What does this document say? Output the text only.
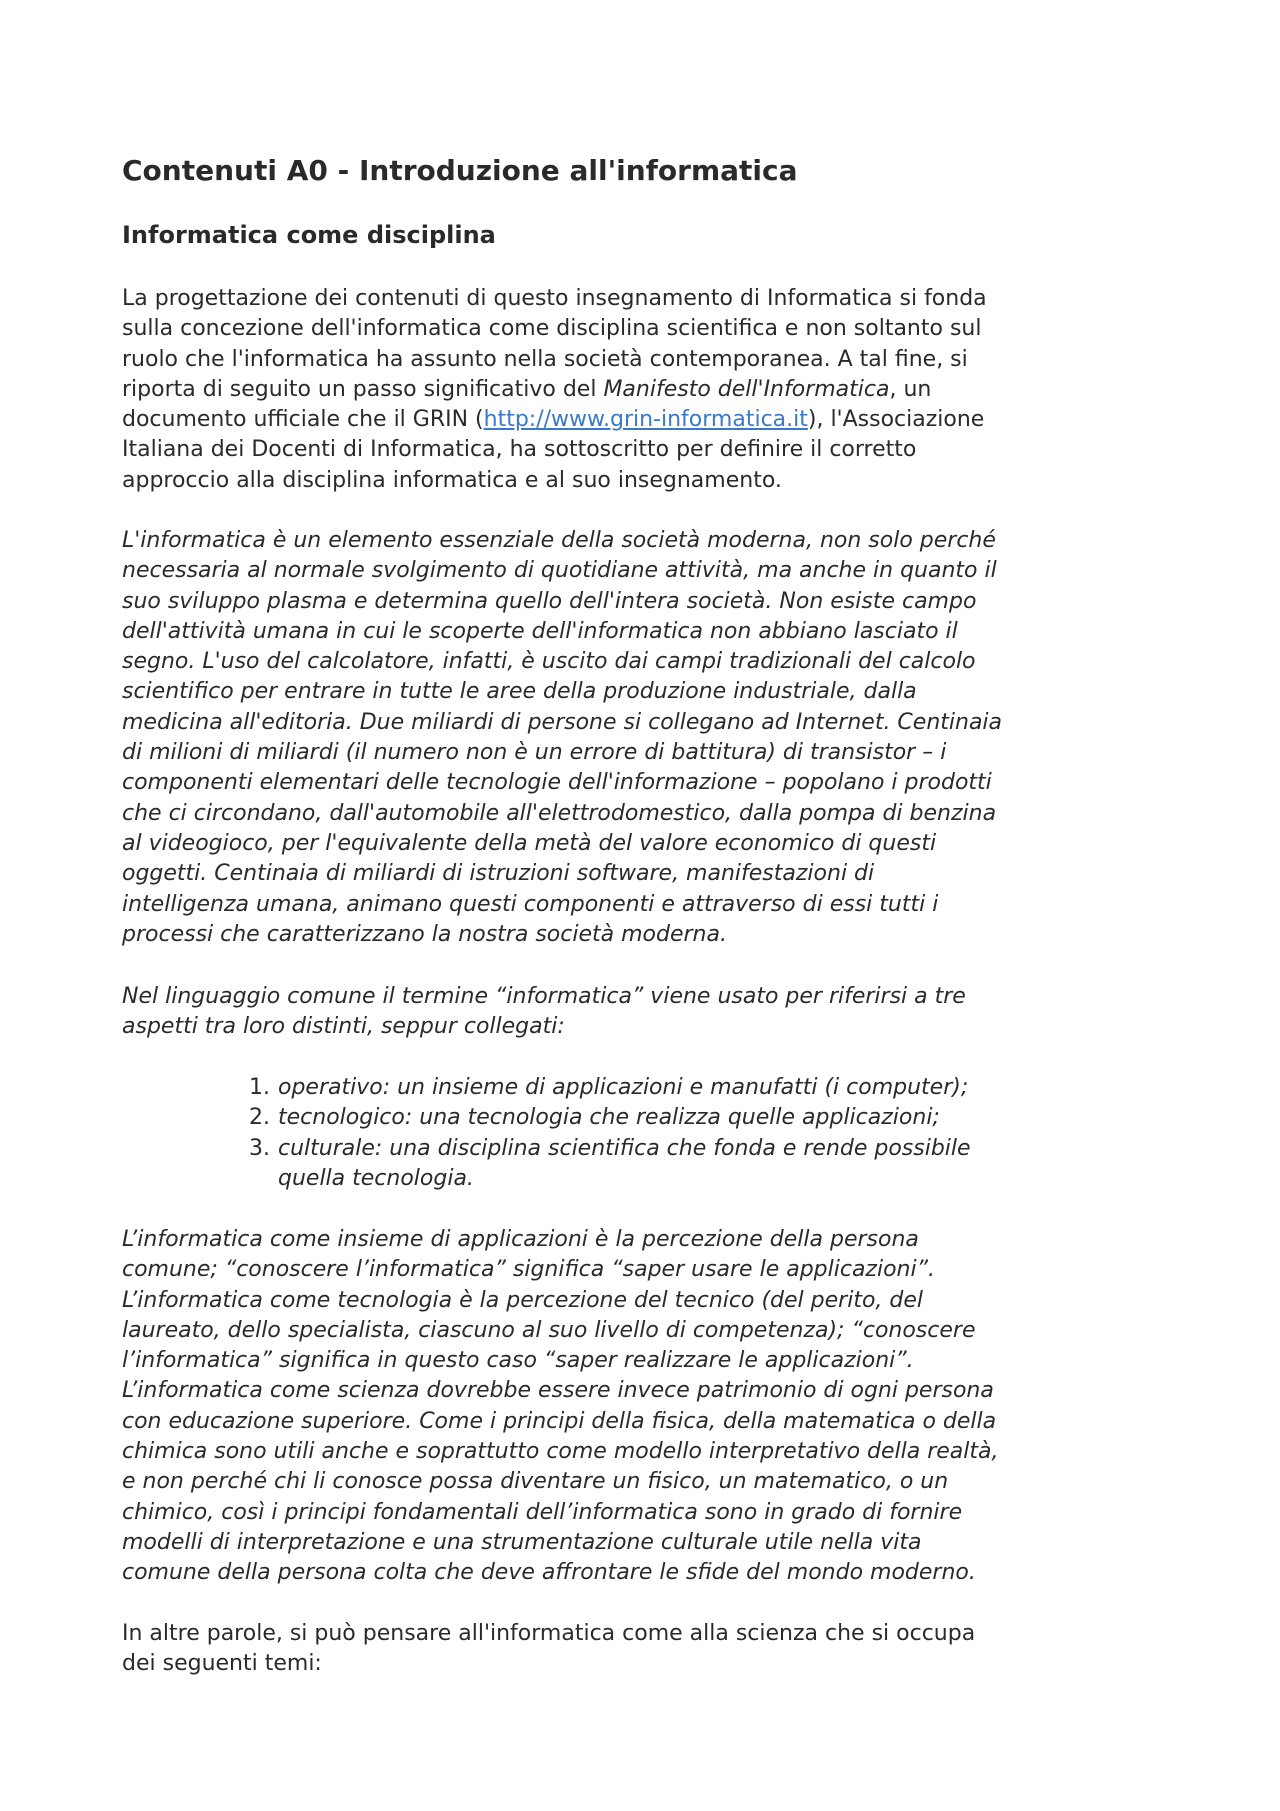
Contenuti A0 - Introduzione all'informatica
Informatica come disciplina
La progettazione dei contenuti di questo insegnamento di Informatica si fonda
sulla concezione dell'informatica come disciplina scientifica e non soltanto sul
ruolo che l'informatica ha assunto nella società contemporanea. A tal fine, si
riporta di seguito un passo significativo del Manifesto dell'Informatica, un
documento ufficiale che il GRIN (http://www.grin-informatica.it), l'Associazione
Italiana dei Docenti di Informatica, ha sottoscritto per definire il corretto
approccio alla disciplina informatica e al suo insegnamento.
L'informatica è un elemento essenziale della società moderna, non solo perché
necessaria al normale svolgimento di quotidiane attività, ma anche in quanto il
suo sviluppo plasma e determina quello dell'intera società. Non esiste campo
dell'attività umana in cui le scoperte dell'informatica non abbiano lasciato il
segno. L'uso del calcolatore, infatti, è uscito dai campi tradizionali del calcolo
scientifico per entrare in tutte le aree della produzione industriale, dalla
medicina all'editoria. Due miliardi di persone si collegano ad Internet. Centinaia
di milioni di miliardi (il numero non è un errore di battitura) di transistor – i
componenti elementari delle tecnologie dell'informazione – popolano i prodotti
che ci circondano, dall'automobile all'elettrodomestico, dalla pompa di benzina
al videogioco, per l'equivalente della metà del valore economico di questi
oggetti. Centinaia di miliardi di istruzioni software, manifestazioni di
intelligenza umana, animano questi componenti e attraverso di essi tutti i
processi che caratterizzano la nostra società moderna.
Nel linguaggio comune il termine “informatica” viene usato per riferirsi a tre
aspetti tra loro distinti, seppur collegati:
1. operativo: un insieme di applicazioni e manufatti (i computer);
2. tecnologico: una tecnologia che realizza quelle applicazioni;
3. culturale: una disciplina scientifica che fonda e rende possibile
quella tecnologia.
L’informatica come insieme di applicazioni è la percezione della persona
comune; “conoscere l’informatica” significa “saper usare le applicazioni”.
L’informatica come tecnologia è la percezione del tecnico (del perito, del
laureato, dello specialista, ciascuno al suo livello di competenza); “conoscere
l’informatica” significa in questo caso “saper realizzare le applicazioni”.
L’informatica come scienza dovrebbe essere invece patrimonio di ogni persona
con educazione superiore. Come i principi della fisica, della matematica o della
chimica sono utili anche e soprattutto come modello interpretativo della realtà,
e non perché chi li conosce possa diventare un fisico, un matematico, o un
chimico, così i principi fondamentali dell’informatica sono in grado di fornire
modelli di interpretazione e una strumentazione culturale utile nella vita
comune della persona colta che deve affrontare le sfide del mondo moderno.
In altre parole, si può pensare all'informatica come alla scienza che si occupa
dei seguenti temi:
